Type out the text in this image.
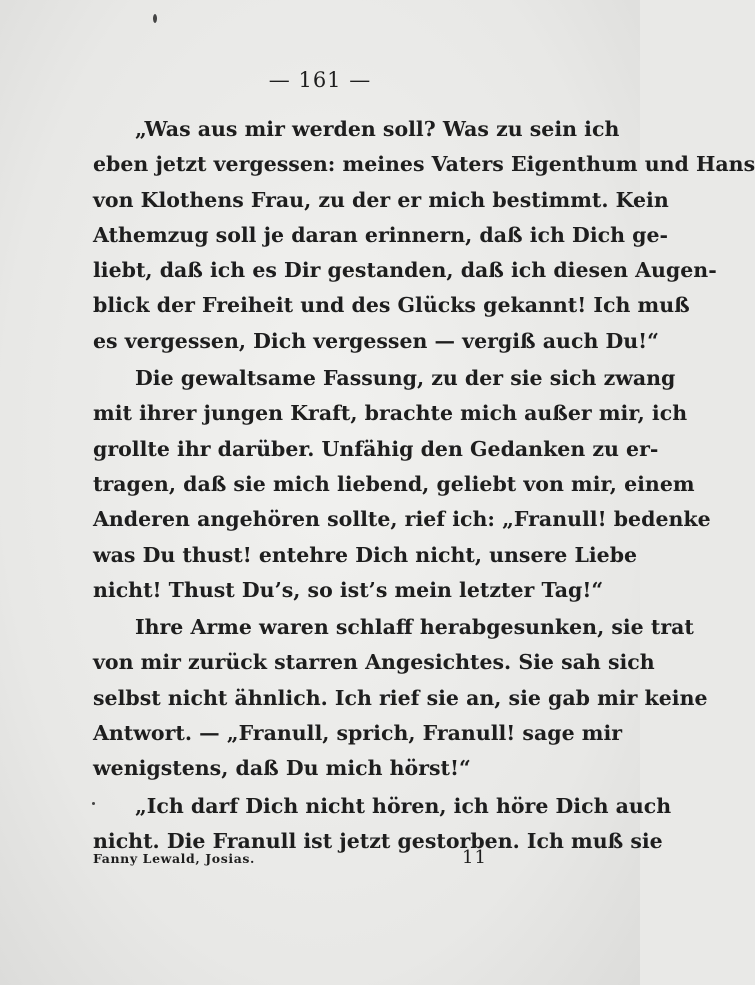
— 161 —
„Was aus mir werden soll? Was zu sein ich
eben jetzt vergessen: meines Vaters Eigenthum und Hans
von Klothens Frau, zu der er mich bestimmt. Kein
Athemzug soll je daran erinnern, daß ich Dich ge-
liebt, daß ich es Dir gestanden, daß ich diesen Augen-
blick der Freiheit und des Glücks gekannt! Ich muß
es vergessen, Dich vergessen — vergiß auch Du!“
Die gewaltsame Fassung, zu der sie sich zwang
mit ihrer jungen Kraft, brachte mich außer mir, ich
grollte ihr darüber. Unfähig den Gedanken zu er-
tragen, daß sie mich liebend, geliebt von mir, einem
Anderen angehören sollte, rief ich: „Franull! bedenke
was Du thust! entehre Dich nicht, unsere Liebe
nicht! Thust Du’s, so ist’s mein letzter Tag!“
Ihre Arme waren schlaff herabgesunken, sie trat
von mir zurück starren Angesichtes. Sie sah sich
selbst nicht ähnlich. Ich rief sie an, sie gab mir keine
Antwort. — „Franull, sprich, Franull! sage mir
wenigstens, daß Du mich hörst!“
„Ich darf Dich nicht hören, ich höre Dich auch
nicht. Die Franull ist jetzt gestorben. Ich muß sie
Fanny Lewald, Josias.	11
